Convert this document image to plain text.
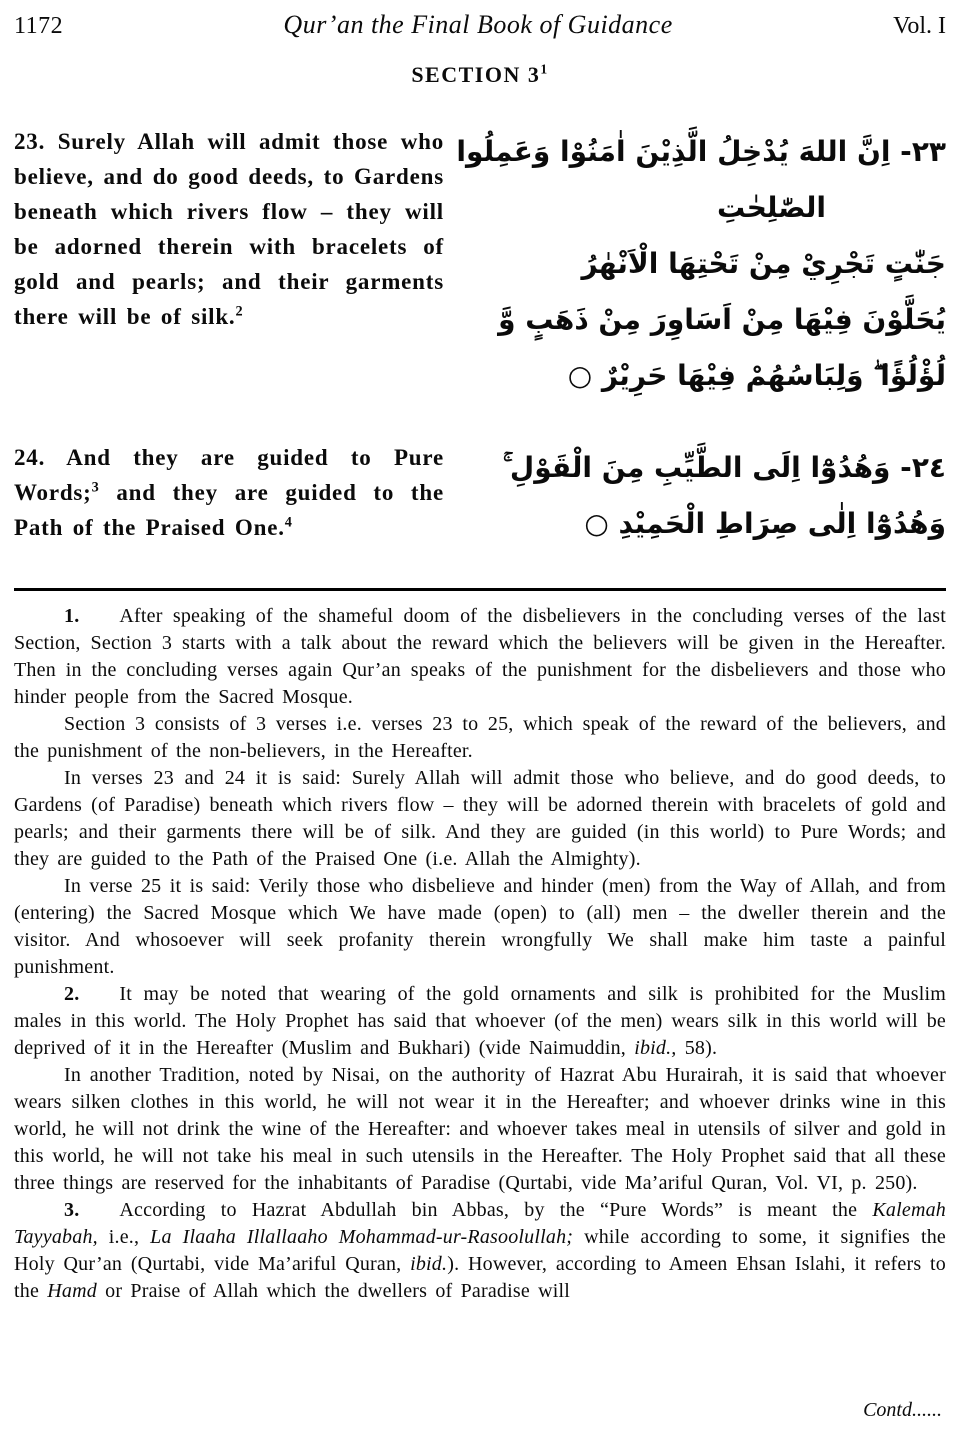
1172	Qur’an the Final Book of Guidance	Vol. I
SECTION $3^1$
23. Surely Allah will admit those who believe, and do good deeds, to Gardens beneath which rivers flow – they will be adorned therein with bracelets of gold and pearls; and their garments there will be of silk.$^2$
٢٣- اِنَّ اللهَ يُدْخِلُ الَّذِيْنَ اٰمَنُوْا وَعَمِلُوا
الصّٰلِحٰتِ
جَنّٰتٍ تَجْرِيْ مِنْ تَحْتِهَا الْاَنْهٰرُ
يُحَلَّوْنَ فِيْهَا مِنْ اَسَاوِرَ مِنْ ذَهَبٍ وَّ
لُؤْلُؤًا ۖ وَلِبَاسُهُمْ فِيْهَا حَرِيْرٌ ○
24. And they are guided to Pure Words;$^3$ and they are guided to the Path of the Praised One.$^4$
٢٤- وَهُدُوْٓا اِلَى الطَّيِّبِ مِنَ الْقَوْلِ ۚ
وَهُدُوْٓا اِلٰى صِرَاطِ الْحَمِيْدِ ○

1. After speaking of the shameful doom of the disbelievers in the concluding verses of the last Section, Section 3 starts with a talk about the reward which the believers will be given in the Hereafter. Then in the concluding verses again Qur’an speaks of the punishment for the disbelievers and those who hinder people from the Sacred Mosque.

Section 3 consists of 3 verses i.e. verses 23 to 25, which speak of the reward of the believers, and the punishment of the non-believers, in the Hereafter.

In verses 23 and 24 it is said: Surely Allah will admit those who believe, and do good deeds, to Gardens (of Paradise) beneath which rivers flow – they will be adorned therein with bracelets of gold and pearls; and their garments there will be of silk. And they are guided (in this world) to Pure Words; and they are guided to the Path of the Praised One (i.e. Allah the Almighty).

In verse 25 it is said: Verily those who disbelieve and hinder (men) from the Way of Allah, and from (entering) the Sacred Mosque which We have made (open) to (all) men – the dweller therein and the visitor. And whosoever will seek profanity therein wrongfully We shall make him taste a painful punishment.

2. It may be noted that wearing of the gold ornaments and silk is prohibited for the Muslim males in this world. The Holy Prophet has said that whoever (of the men) wears silk in this world will be deprived of it in the Hereafter (Muslim and Bukhari) (vide Naimuddin, ibid., 58).

In another Tradition, noted by Nisai, on the authority of Hazrat Abu Hurairah, it is said that whoever wears silken clothes in this world, he will not wear it in the Hereafter; and whoever drinks wine in this world, he will not drink the wine of the Hereafter: and whoever takes meal in utensils of silver and gold in this world, he will not take his meal in such utensils in the Hereafter. The Holy Prophet said that all these three things are reserved for the inhabitants of Paradise (Qurtabi, vide Ma’ariful Quran, Vol. VI, p. 250).

3. According to Hazrat Abdullah bin Abbas, by the “Pure Words” is meant the Kalemah Tayyabah, i.e., La Ilaaha Illallaaho Mohammad-ur-Rasoolullah; while according to some, it signifies the Holy Qur’an (Qurtabi, vide Ma’ariful Quran, ibid.). However, according to Ameen Ehsan Islahi, it refers to the Hamd or Praise of Allah which the dwellers of Paradise will

Contd......
